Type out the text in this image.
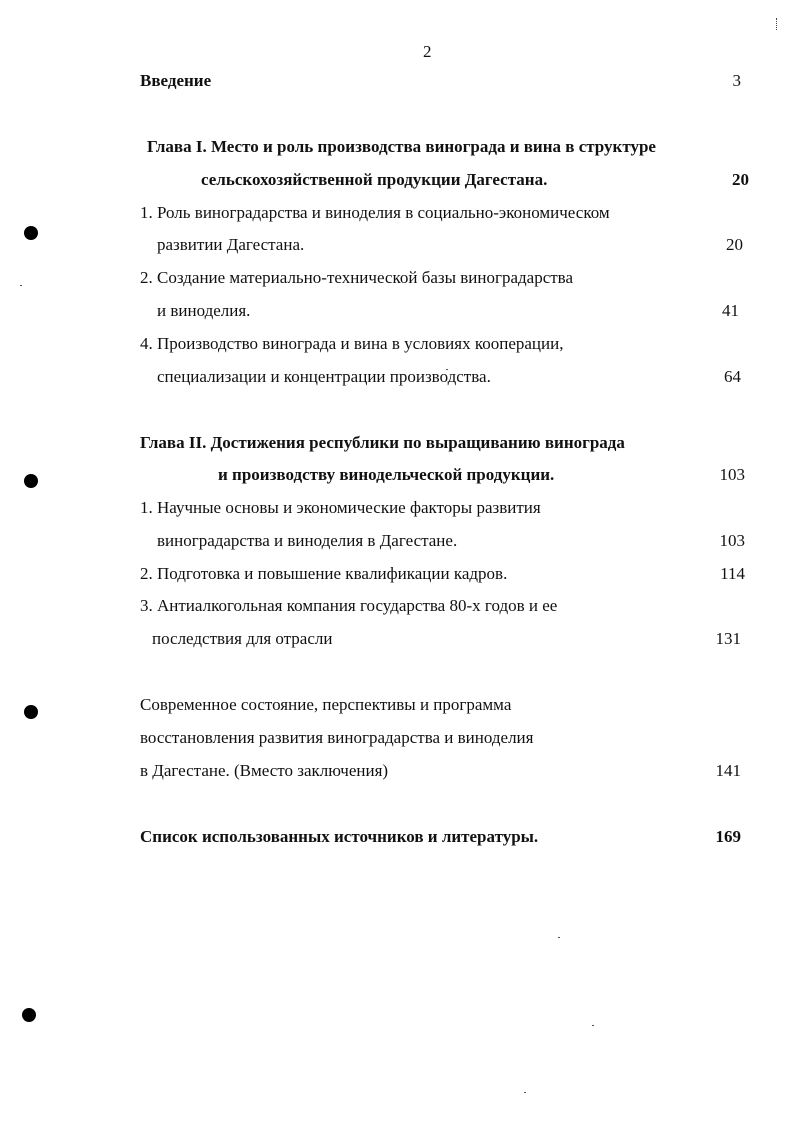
2
Введение	3
Глава I. Место и роль производства винограда и вина в структуре
сельскохозяйственной продукции Дагестана.	20
1. Роль виноградарства и виноделия в социально-экономическом
развитии Дагестана.	20
2. Создание материально-технической базы виноградарства
и виноделия.	41
4. Производство винограда и вина в условиях кооперации,
специализации и концентрации производства.	64
Глава II. Достижения республики по выращиванию винограда
и производству винодельческой продукции.	103
1. Научные основы и экономические факторы развития
виноградарства и виноделия в Дагестане.	103
2. Подготовка и повышение квалификации кадров.	114
3. Антиалкогольная компания государства 80-х годов и ее
последствия для отрасли	131
Современное состояние, перспективы и программа
восстановления развития виноградарства и виноделия
в Дагестане. (Вместо заключения)	141
Список использованных источников и литературы.	169
